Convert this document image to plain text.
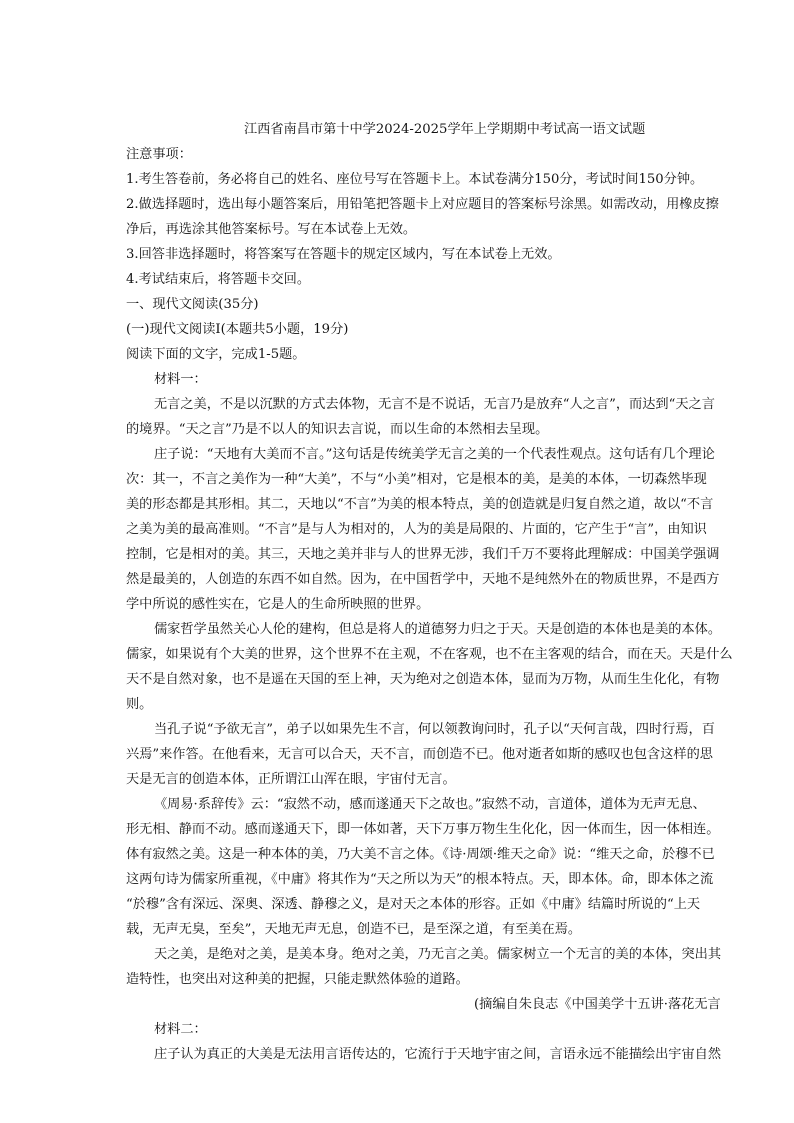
江西省南昌市第十中学2024-2025学年上学期期中考试高一语文试题
注意事项：
1.考生答卷前，务必将自己的姓名、座位号写在答题卡上。本试卷满分150分，考试时间150分钟。
2.做选择题时，选出每小题答案后，用铅笔把答题卡上对应题目的答案标号涂黑。如需改动，用橡皮擦
净后，再选涂其他答案标号。写在本试卷上无效。
3.回答非选择题时，将答案写在答题卡的规定区域内，写在本试卷上无效。
4.考试结束后，将答题卡交回。
一、现代文阅读(35分)
(一)现代文阅读Ⅰ(本题共5小题，19分)
阅读下面的文字，完成1-5题。
材料一：
无言之美，不是以沉默的方式去体物，无言不是不说话，无言乃是放弃“人之言”，而达到“天之言
的境界。“天之言”乃是不以人的知识去言说，而以生命的本然相去呈现。
庄子说：“天地有大美而不言。”这句话是传统美学无言之美的一个代表性观点。这句话有几个理论
次：其一，不言之美作为一种“大美”，不与“小美”相对，它是根本的美，是美的本体，一切森然毕现
美的形态都是其形相。其二，天地以“不言”为美的根本特点，美的创造就是归复自然之道，故以“不言
之美为美的最高准则。“不言”是与人为相对的，人为的美是局限的、片面的，它产生于“言”，由知识
控制，它是相对的美。其三，天地之美并非与人的世界无涉，我们千万不要将此理解成：中国美学强调
然是最美的，人创造的东西不如自然。因为，在中国哲学中，天地不是纯然外在的物质世界，不是西方
学中所说的感性实在，它是人的生命所映照的世界。
儒家哲学虽然关心人伦的建构，但总是将人的道德努力归之于天。天是创造的本体也是美的本体。
儒家，如果说有个大美的世界，这个世界不在主观，不在客观，也不在主客观的结合，而在天。天是什么
天不是自然对象，也不是遥在天国的至上神，天为绝对之创造本体，显而为万物，从而生生化化，有物
则。
当孔子说“予欲无言”，弟子以如果先生不言，何以领教询问时，孔子以“天何言哉，四时行焉，百
兴焉”来作答。在他看来，无言可以合天，天不言，而创造不已。他对逝者如斯的感叹也包含这样的思
天是无言的创造本体，正所谓江山浑在眼，宇宙付无言。
《周易·系辞传》云：“寂然不动，感而遂通天下之故也。”寂然不动，言道体，道体为无声无息、
形无相、静而不动。感而遂通天下，即一体如著，天下万事万物生生化化，因一体而生，因一体相连。
体有寂然之美。这是一种本体的美，乃大美不言之体。《诗·周颂·维天之命》说：“维天之命，於穆不已
这两句诗为儒家所重视，《中庸》将其作为“天之所以为天”的根本特点。天，即本体。命，即本体之流
“於穆”含有深远、深奥、深透、静穆之义，是对天之本体的形容。正如《中庸》结篇时所说的“上天
载，无声无臭，至矣”，天地无声无息，创造不已，是至深之道，有至美在焉。
天之美，是绝对之美，是美本身。绝对之美，乃无言之美。儒家树立一个无言的美的本体，突出其
造特性，也突出对这种美的把握，只能走默然体验的道路。
(摘编自朱良志《中国美学十五讲·落花无言
材料二：
庄子认为真正的大美是无法用言语传达的，它流行于天地宇宙之间，言语永远不能描绘出宇宙自然
